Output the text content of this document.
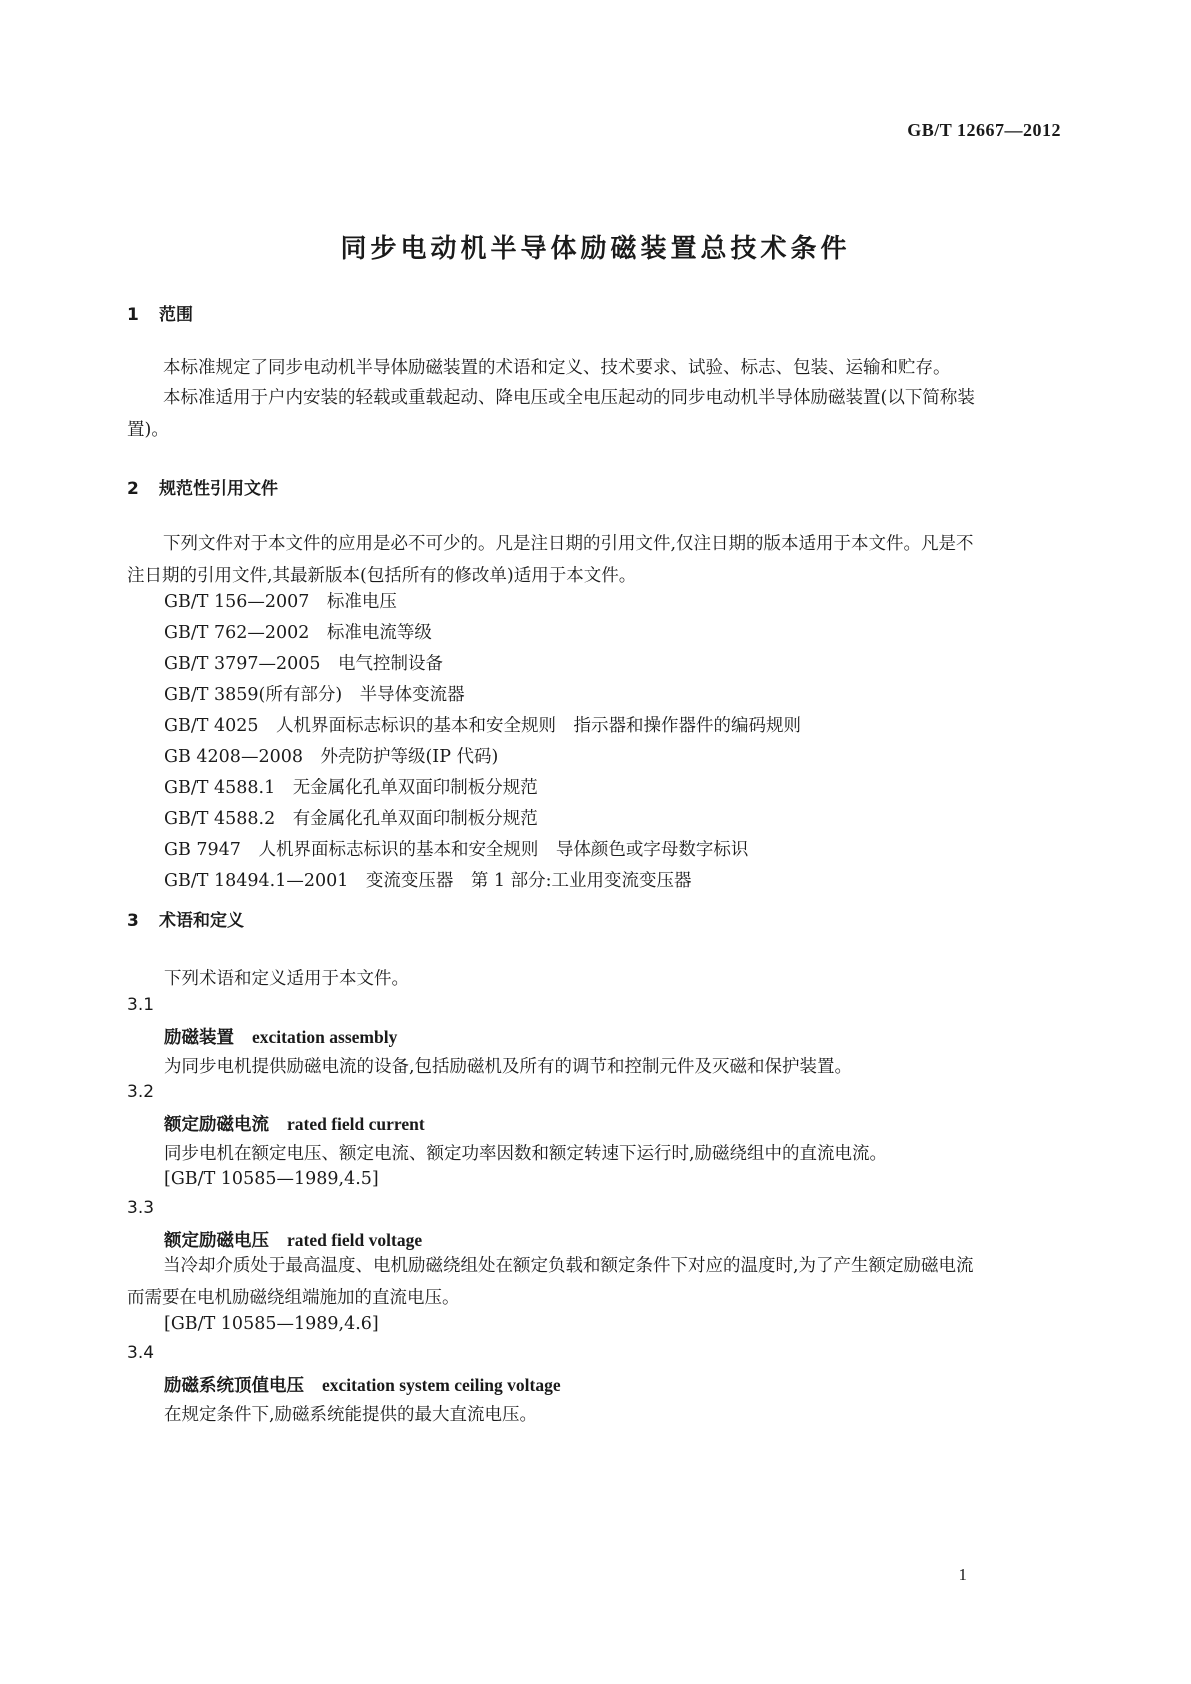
GB/T 12667—2012
同步电动机半导体励磁装置总技术条件
1 范围
本标准规定了同步电动机半导体励磁装置的术语和定义、技术要求、试验、标志、包装、运输和贮存。
本标准适用于户内安装的轻载或重载起动、降电压或全电压起动的同步电动机半导体励磁装置(以下简称装置)。
2 规范性引用文件
下列文件对于本文件的应用是必不可少的。凡是注日期的引用文件,仅注日期的版本适用于本文件。凡是不注日期的引用文件,其最新版本(包括所有的修改单)适用于本文件。
GB/T 156—2007　标准电压
GB/T 762—2002　标准电流等级
GB/T 3797—2005　电气控制设备
GB/T 3859(所有部分)　半导体变流器
GB/T 4025　人机界面标志标识的基本和安全规则　指示器和操作器件的编码规则
GB 4208—2008　外壳防护等级(IP 代码)
GB/T 4588.1　无金属化孔单双面印制板分规范
GB/T 4588.2　有金属化孔单双面印制板分规范
GB 7947　人机界面标志标识的基本和安全规则　导体颜色或字母数字标识
GB/T 18494.1—2001　变流变压器　第 1 部分:工业用变流变压器
3 术语和定义
下列术语和定义适用于本文件。
3.1
励磁装置 excitation assembly
为同步电机提供励磁电流的设备,包括励磁机及所有的调节和控制元件及灭磁和保护装置。
3.2
额定励磁电流 rated field current
同步电机在额定电压、额定电流、额定功率因数和额定转速下运行时,励磁绕组中的直流电流。
[GB/T 10585—1989,4.5]
3.3
额定励磁电压 rated field voltage
当冷却介质处于最高温度、电机励磁绕组处在额定负载和额定条件下对应的温度时,为了产生额定励磁电流而需要在电机励磁绕组端施加的直流电压。
[GB/T 10585—1989,4.6]
3.4
励磁系统顶值电压 excitation system ceiling voltage
在规定条件下,励磁系统能提供的最大直流电压。
1
